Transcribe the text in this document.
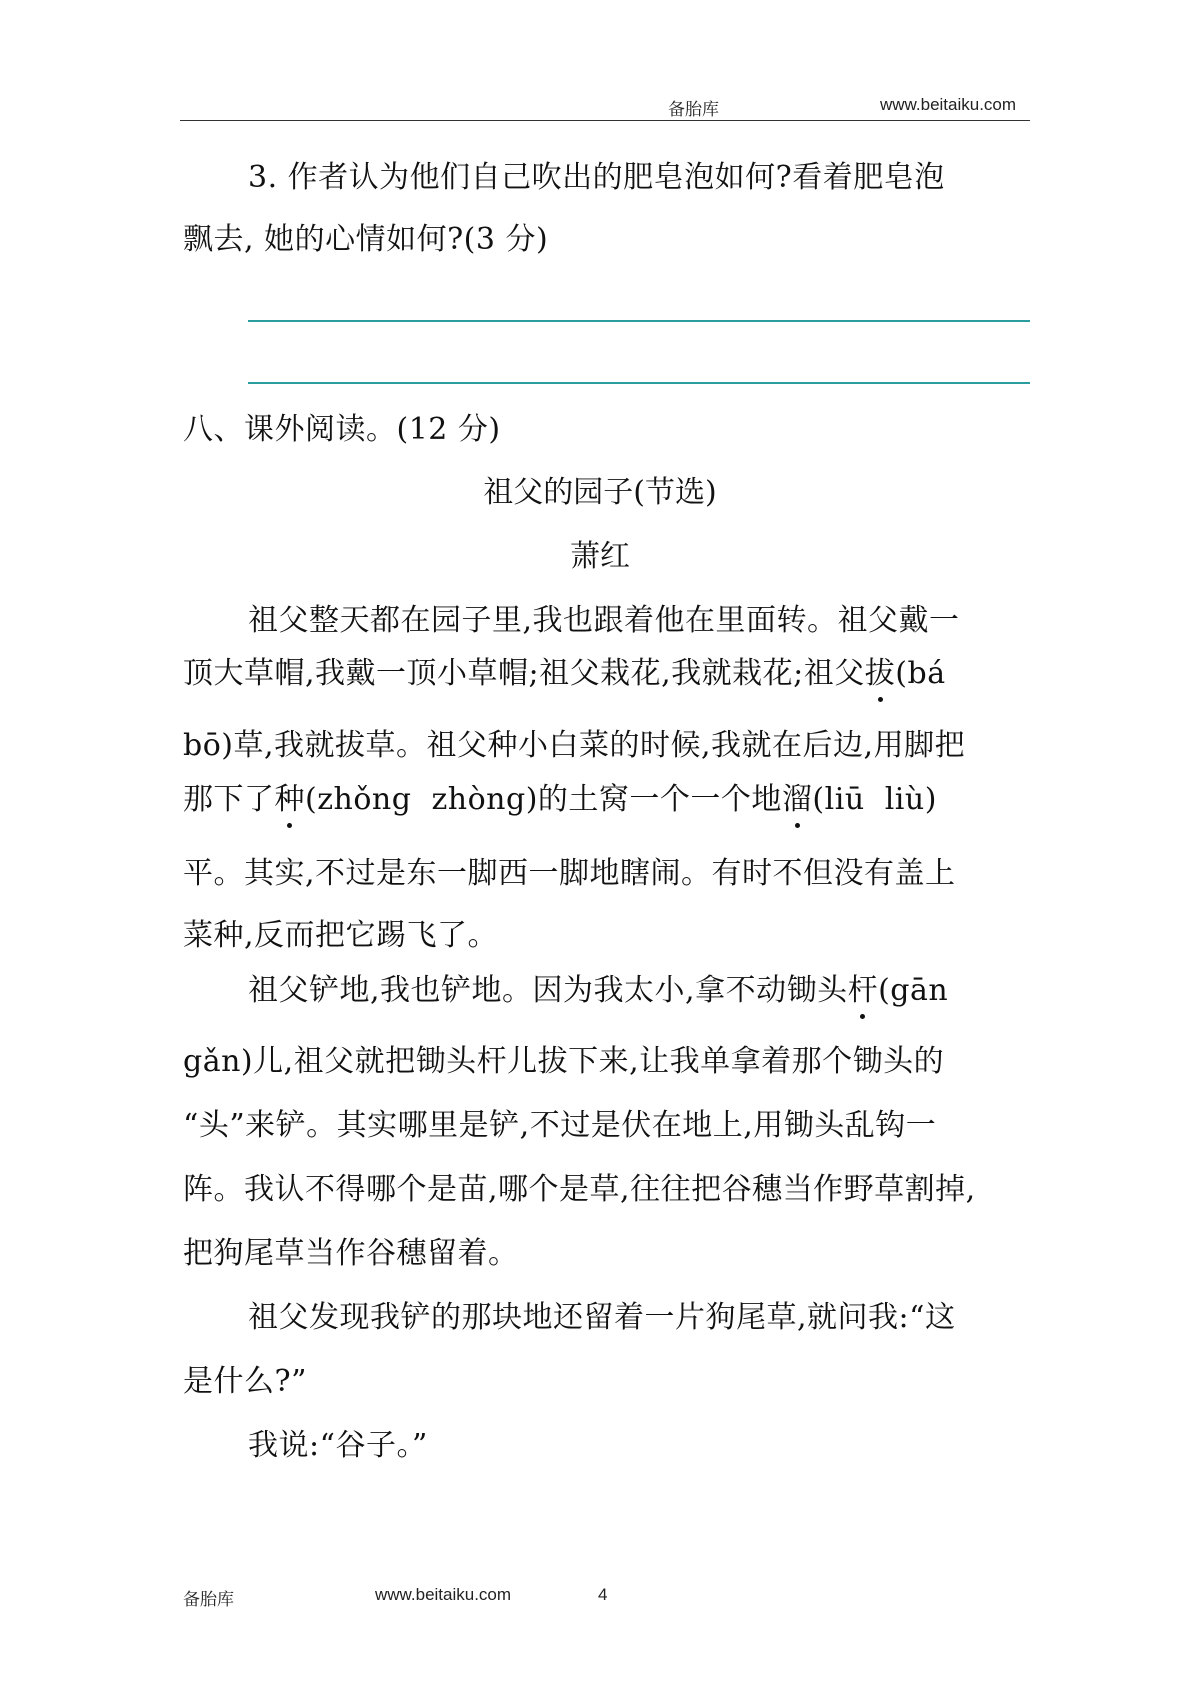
备胎库	www.beitaiku.com
3. 作者认为他们自己吹出的肥皂泡如何?看着肥皂泡
飘去, 她的心情如何?(3 分)
八、课外阅读。(12 分)
祖父的园子(节选)
萧红
祖父整天都在园子里,我也跟着他在里面转。祖父戴一
顶大草帽,我戴一顶小草帽;祖父栽花,我就栽花;祖父拔(bá
bō)草,我就拔草。祖父种小白菜的时候,我就在后边,用脚把
那下了种(zhǒng  zhòng)的土窝一个一个地溜(liū  liù)
平。其实,不过是东一脚西一脚地瞎闹。有时不但没有盖上
菜种,反而把它踢飞了。
祖父铲地,我也铲地。因为我太小,拿不动锄头杆(gān
gǎn)儿,祖父就把锄头杆儿拔下来,让我单拿着那个锄头的
“头”来铲。其实哪里是铲,不过是伏在地上,用锄头乱钩一
阵。我认不得哪个是苗,哪个是草,往往把谷穗当作野草割掉,
把狗尾草当作谷穗留着。
祖父发现我铲的那块地还留着一片狗尾草,就问我:“这
是什么?”
我说:“谷子。”
备胎库	www.beitaiku.com	4
